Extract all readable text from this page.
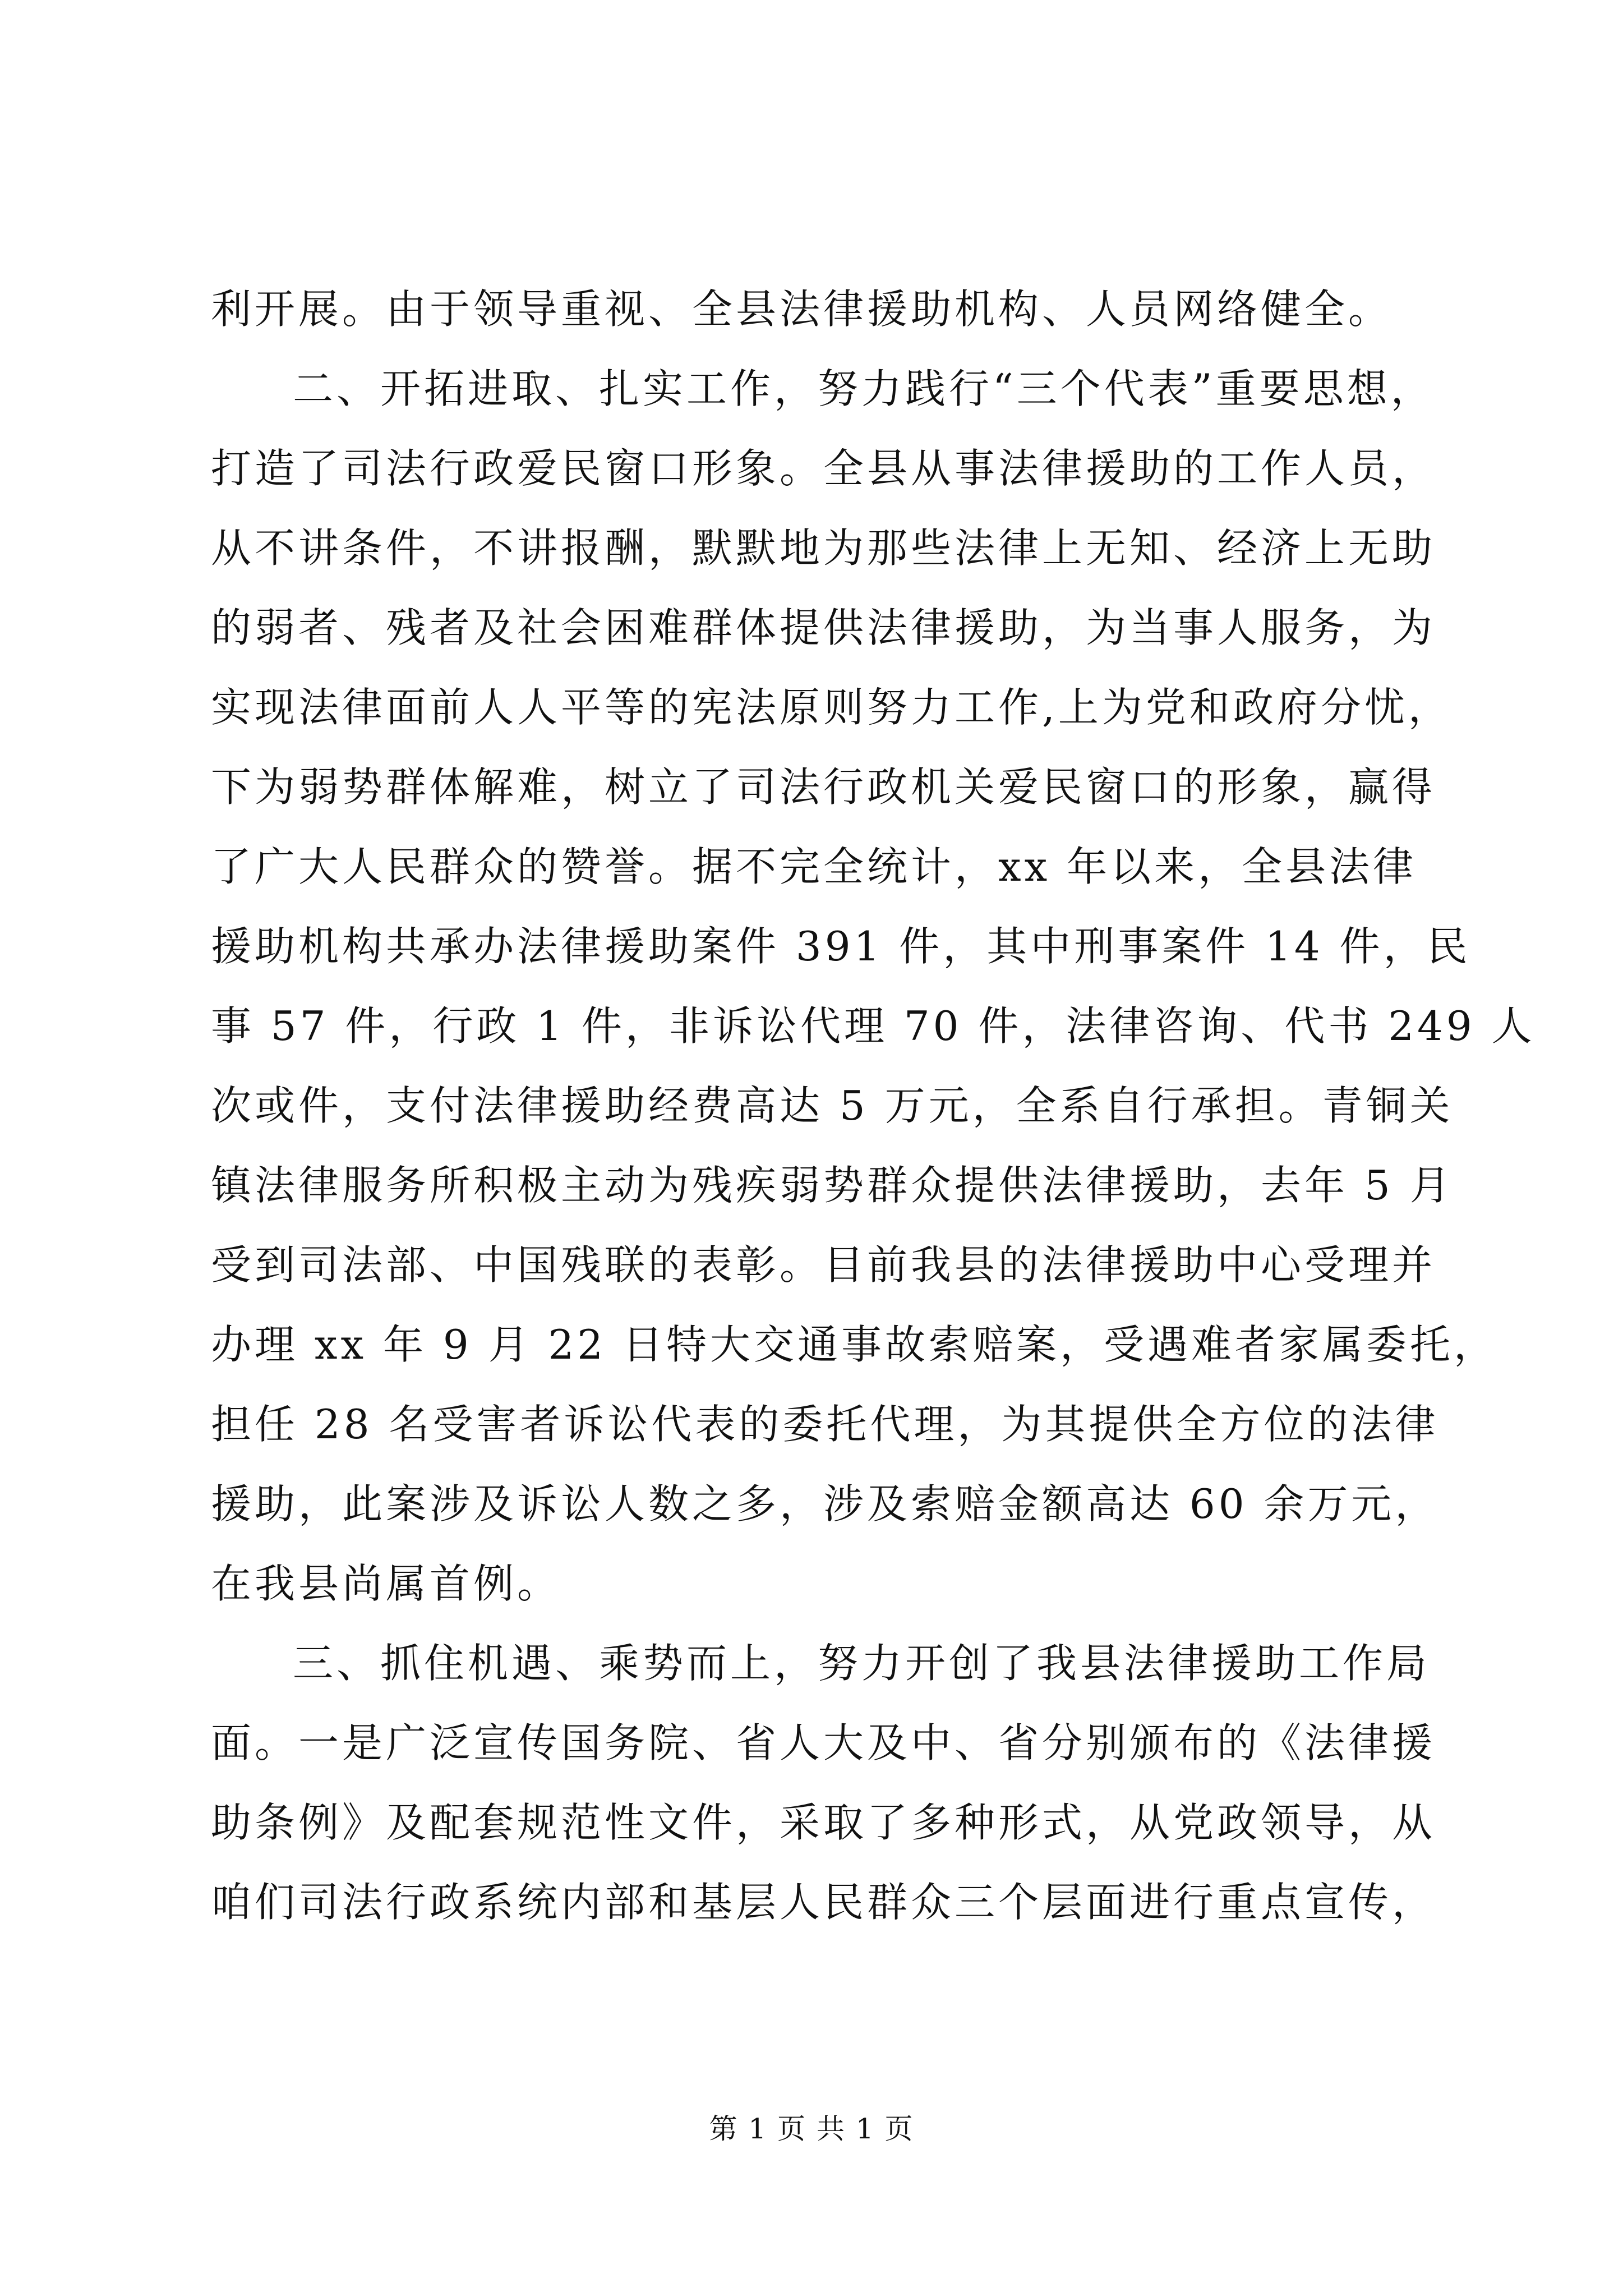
利开展。由于领导重视、全县法律援助机构、人员网络健全。
二、开拓进取、扎实工作，努力践行“三个代表”重要思想，
打造了司法行政爱民窗口形象。全县从事法律援助的工作人员，
从不讲条件，不讲报酬，默默地为那些法律上无知、经济上无助
的弱者、残者及社会困难群体提供法律援助，为当事人服务，为
实现法律面前人人平等的宪法原则努力工作,上为党和政府分忧，
下为弱势群体解难，树立了司法行政机关爱民窗口的形象，赢得
了广大人民群众的赞誉。据不完全统计，xx 年以来，全县法律
援助机构共承办法律援助案件 391 件，其中刑事案件 14 件，民
事 57 件，行政 1 件，非诉讼代理 70 件，法律咨询、代书 249 人
次或件，支付法律援助经费高达 5 万元，全系自行承担。青铜关
镇法律服务所积极主动为残疾弱势群众提供法律援助，去年 5 月
受到司法部、中国残联的表彰。目前我县的法律援助中心受理并
办理 xx 年 9 月 22 日特大交通事故索赔案，受遇难者家属委托，
担任 28 名受害者诉讼代表的委托代理，为其提供全方位的法律
援助，此案涉及诉讼人数之多，涉及索赔金额高达 60 余万元，
在我县尚属首例。
三、抓住机遇、乘势而上，努力开创了我县法律援助工作局
面。一是广泛宣传国务院、省人大及中、省分别颁布的《法律援
助条例》及配套规范性文件，采取了多种形式，从党政领导，从
咱们司法行政系统内部和基层人民群众三个层面进行重点宣传，
第 1 页 共 1 页
